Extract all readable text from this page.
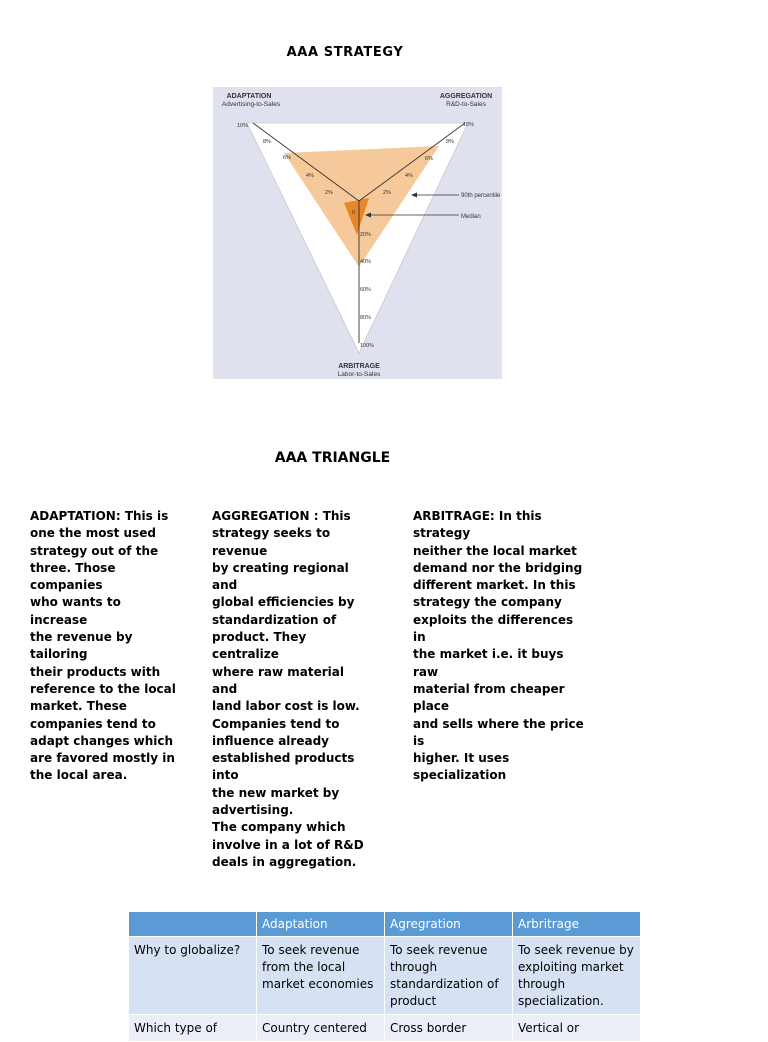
AAA STRATEGY
ADAPTATION
Advertising-to-Sales
AGGREGATION
R&D-to-Sales
ARBITRAGE
Labor-to-Sales
10%
8%
6%
4%
2%
10%
8%
6%
4%
2%
0
20%
40%
60%
80%
100%
90th percentile
Median
AAA TRIANGLE
ADAPTATION: This is
one the most used
strategy out of the
three. Those companies
who wants to increase
the revenue by tailoring
their products with
reference to the local
market. These
companies tend to
adapt changes which
are favored mostly in
the local area.
AGGREGATION : This
strategy seeks to revenue
by creating regional and
global efficiencies by
standardization of
product. They centralize
where raw material and
land labor cost is low.
Companies tend to
influence already
established products into
the new market by
advertising.
The company which
involve in a lot of R&D
deals in aggregation.
ARBITRAGE: In this strategy
neither the local market
demand nor the bridging
different market. In this
strategy the company
exploits the differences in
the market i.e. it buys raw
material from cheaper place
and sells where the price is
higher. It uses specialization
	Adaptation	Agregration	Arbritrage
Why to globalize?	To seek revenue from the local market economies	To seek revenue through standardization of product	To seek revenue by exploiting market through specialization.
Which type of	Country centered	Cross border	Vertical or
